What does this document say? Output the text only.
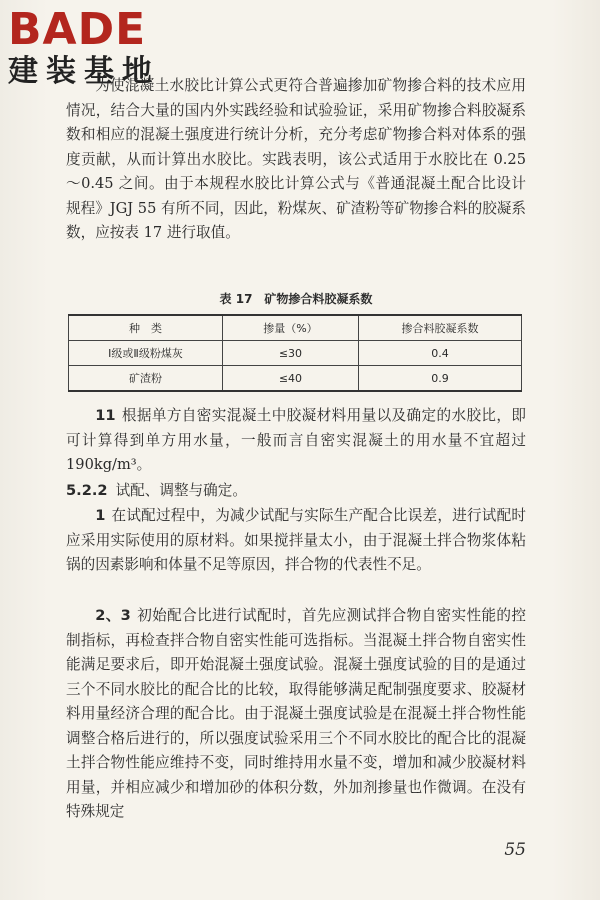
BADE
建装基地
为使混凝土水胶比计算公式更符合普遍掺加矿物掺合料的技术应用情况，结合大量的国内外实践经验和试验验证，采用矿物掺合料胶凝系数和相应的混凝土强度进行统计分析，充分考虑矿物掺合料对体系的强度贡献，从而计算出水胶比。实践表明，该公式适用于水胶比在 0.25～0.45 之间。由于本规程水胶比计算公式与《普通混凝土配合比设计规程》JGJ 55 有所不同，因此，粉煤灰、矿渣粉等矿物掺合料的胶凝系数，应按表 17 进行取值。
表 17　矿物掺合料胶凝系数
种　类	掺量（%）	掺合料胶凝系数
Ⅰ级或Ⅱ级粉煤灰	≤30	0.4
矿渣粉	≤40	0.9
11 根据单方自密实混凝土中胶凝材料用量以及确定的水胶比，即可计算得到单方用水量，一般而言自密实混凝土的用水量不宜超过 190kg/m³。
5.2.2 试配、调整与确定。
1 在试配过程中，为减少试配与实际生产配合比误差，进行试配时应采用实际使用的原材料。如果搅拌量太小，由于混凝土拌合物浆体粘锅的因素影响和体量不足等原因，拌合物的代表性不足。
2、3 初始配合比进行试配时，首先应测试拌合物自密实性能的控制指标，再检查拌合物自密实性能可选指标。当混凝土拌合物自密实性能满足要求后，即开始混凝土强度试验。混凝土强度试验的目的是通过三个不同水胶比的配合比的比较，取得能够满足配制强度要求、胶凝材料用量经济合理的配合比。由于混凝土强度试验是在混凝土拌合物性能调整合格后进行的，所以强度试验采用三个不同水胶比的配合比的混凝土拌合物性能应维持不变，同时维持用水量不变，增加和减少胶凝材料用量，并相应减少和增加砂的体积分数，外加剂掺量也作微调。在没有特殊规定
55
